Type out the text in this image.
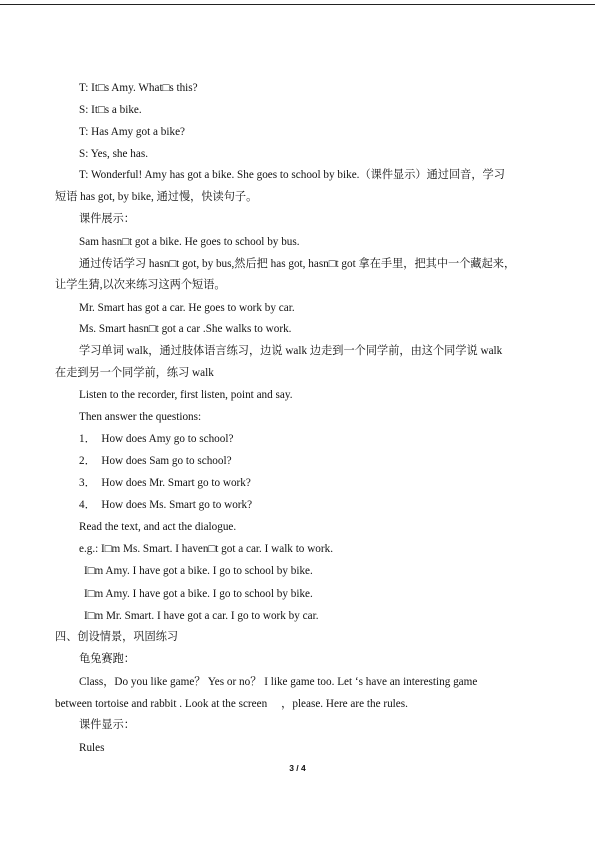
T: It□s Amy. What□s this?
S: It□s a bike.
T: Has Amy got a bike?
S: Yes, she has.
T: Wonderful! Amy has got a bike. She goes to school by bike.（课件显示）通过回音，学习
短语 has got, by bike, 通过慢，快读句子。
课件展示：
Sam hasn□t got a bike. He goes to school by bus.
通过传话学习 hasn□t got, by bus,然后把 has got, hasn□t got 拿在手里，把其中一个藏起来，
让学生猜,以次来练习这两个短语。
Mr. Smart has got a car. He goes to work by car.
Ms. Smart hasn□t got a car .She walks to work.
学习单词 walk，通过肢体语言练习，边说 walk 边走到一个同学前，由这个同学说 walk
在走到另一个同学前，练习 walk
Listen to the recorder, first listen, point and say.
Then answer the questions:
1．  How does Amy go to school?
2．  How does Sam go to school?
3．  How does Mr. Smart go to work?
4．  How does Ms. Smart go to work?
Read the text, and act the dialogue.
e.g.: I□m Ms. Smart. I haven□t got a car. I walk to work.
I□m Amy. I have got a bike. I go to school by bike.
I□m Amy. I have got a bike. I go to school by bike.
I□m Mr. Smart. I have got a car. I go to work by car.
四、创设情景，巩固练习
龟兔赛跑：
Class，Do you like game？ Yes or no？ I like game too. Let ‘s have an interesting game
between tortoise and rabbit . Look at the screen 　，please. Here are the rules.
课件显示：
Rules
3 / 4
